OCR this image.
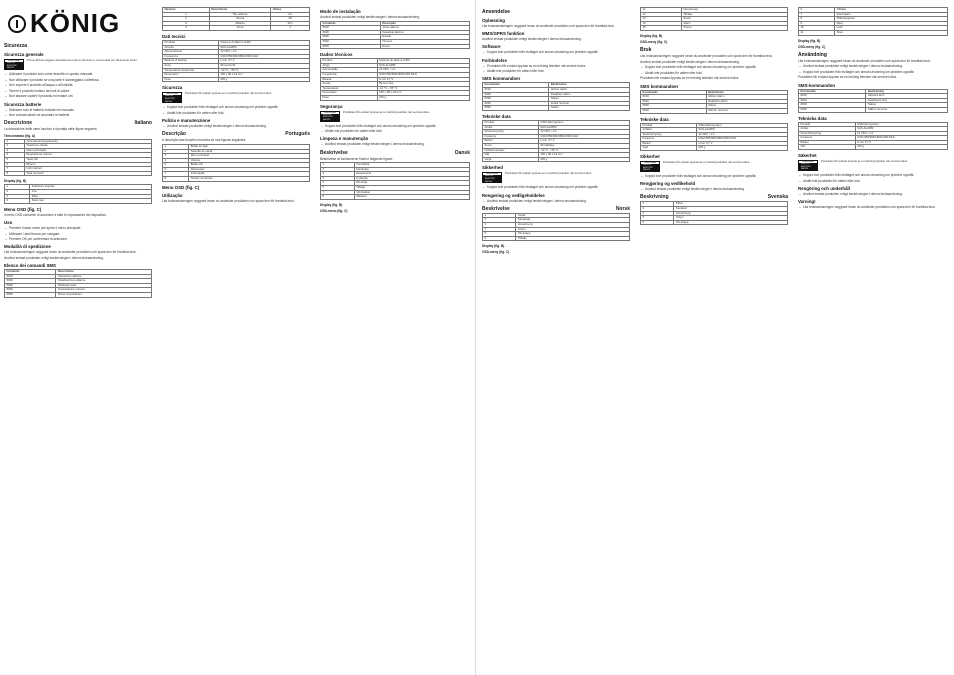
KÖNIG
Sicurezza
Sicurezza generale
CAUTION
RISK OF ELECTRIC SHOCK
Prima dell'uso leggere attentamente tutte le istruzioni e conservarle per riferimento futuro.
– Utilizzare il prodotto solo come descritto in questo manuale.
– Non utilizzare il prodotto se una parte è danneggiata o difettosa.
– Non esporre il prodotto all'acqua o all'umidità.
– Tenere il prodotto lontano da fonti di calore.
– Non lasciare cadere il prodotto ed evitare urti.
Sicurezza batterie
– Utilizzare solo le batterie indicate nel manuale.
– Non cortocircuitare né smontare le batterie.
Descrizione	Italiano
La descrizione delle varie funzioni è riportata nelle figure seguenti.
Telecomando (fig. A)
1	Accensione/spegnimento
2	Selezione canale
3	Menu principale
4	Regolazione volume
5	Tasto OK
6	Ritorno
7	Informazioni
8	Tasti numerici
Display (fig. B)
1	Indicatore segnale
2	Ora
3	Data
4	Stato rete
Menu OSD (fig. C)
Il menu OSD consente di accedere a tutte le impostazioni del dispositivo.
Uso
– Premere il tasto menu per aprire il menu principale.
– Utilizzare i tasti freccia per navigare.
– Premere OK per confermare la selezione.
Modalità di spedizione
Läs bruksanvisningen noggrant innan du använder produkten och spara den för framtida bruk.
Använd endast produkten enligt beskrivningen i denna bruksanvisning.
Elenco dei comandi SMS
Comando	Descrizione
#01#	Attivazione allarme
#02#	Disattivazione allarme
#03#	Richiesta stato
#04#	Impostazione numero
#05#	Reset impostazioni
Opzione	Descrizione	Valore
1	Tipo allarme	On
2	Sirena	Off
3	Ritardo	30 s
4	Zona	1
Dati tecnici
Prodotto	Sistema di allarme GSM
Articolo	SAS-ALARM
Alimentazione	12 VDC / 1 A
Frequenza	GSM 850/900/1800/1900 MHz
Batteria di backup	Li-ion 3,7 V
Zone	99 senza fili
Temperatura d'esercizio	-10 °C ~ 55 °C
Dimensioni	150 x 98 x 24 mm
Peso	220 g
Sicurezza
CAUTION
RISK OF ELECTRIC SHOCK
Produkten får endast öppnas av en behörig tekniker när service krävs.
– Koppla bort produkten från eluttaget och annan utrustning om problem uppstår.
– Utsätt inte produkten för vatten eller fukt.
Pulizia e manutenzione
– Använd endast produkten enligt beskrivningen i denna bruksanvisning.
Descrição	Português
A descrição das funções encontra-se nas figuras seguintes.
1	Botão de ligar
2	Seleção de canal
3	Menu principal
4	Volume
5	Botão OK
6	Retroceder
7	Informação
8	Teclas numéricas
Menu OSD (fig. C)
Utilização
Läs bruksanvisningen noggrant innan du använder produkten och spara den för framtida bruk.
Modo de instalação
Använd endast produkten enligt beskrivningen i denna bruksanvisning.
Comando	Descrição
#01#	Ativar alarme
#02#	Desativar alarme
#03#	Estado
#04#	Número
#05#	Repor
Dados técnicos
Produto	Sistema de alarme GSM
Artigo	SAS-ALARM
Alimentação	12 VDC / 1 A
Frequência	GSM 850/900/1800/1900 MHz
Bateria	Li-ion 3,7 V
Zonas	99 sem fios
Temperatura	-10 °C ~ 55 °C
Dimensões	150 x 98 x 24 mm
Peso	220 g
Segurança
CAUTION
RISK OF ELECTRIC SHOCK
Produkten får endast öppnas av en behörig tekniker när service krävs.
– Koppla bort produkten från eluttaget och annan utrustning om problem uppstår.
– Utsätt inte produkten för vatten eller fukt.
Limpeza e manutenção
– Använd endast produkten enligt beskrivningen i denna bruksanvisning.
Beskrivelse	Dansk
Beskrivelse af funktionerne findes i følgende figurer.
1	Tænd/sluk
2	Kanalvalg
3	Hovedmenu
4	Lydstyrke
5	OK-knap
6	Tilbage
7	Information
8	Taltaster
Display (fig. B)
OSD-menu (fig. C)
Anvendelse
Oplæsning
Läs bruksanvisningen noggrant innan du använder produkten och spara den för framtida bruk.
MMS/GPRS funktion
Använd endast produkten enligt beskrivningen i denna bruksanvisning.
Software
– Koppla bort produkten från eluttaget och annan utrustning om problem uppstår.
Forbindelse
– Produkten får endast öppnas av en behörig tekniker när service krävs.
– Utsätt inte produkten för vatten eller fukt.
SMS kommandoer
Kommando	Beskrivelse
#01#	Aktiver alarm
#02#	Deaktiver alarm
#03#	Status
#04#	Indstil nummer
#05#	Nulstil
Tekniske data
Produkt	GSM alarmsystem
Artikel	SAS-ALARM
Strømforsyning	12 VDC / 1 A
Frekvens	GSM 850/900/1800/1900 MHz
Batteri	Li-ion 3,7 V
Zoner	99 trådløse
Driftstemperatur	-10 °C ~ 55 °C
Mål	150 x 98 x 24 mm
Vægt	220 g
Sikkerhed
CAUTION
RISK OF ELECTRIC SHOCK
Produkten får endast öppnas av en behörig tekniker när service krävs.
– Koppla bort produkten från eluttaget och annan utrustning om problem uppstår.
Rengøring og vedligeholdelse
– Använd endast produkten enligt beskrivningen i denna bruksanvisning.
Beskrivelse	Norsk
1	Av/på
2	Kanalvalg
3	Hovedmeny
4	Volum
5	OK-knapp
6	Tilbake
Display (fig. B)
OSD-meny (fig. C)
11	Menyknapp
12	Tilbake
13	Strøm
14	Alarm
15	Sirene
Display (fig. B)
OSD-meny (fig. C)
Bruk
Läs bruksanvisningen noggrant innan du använder produkten och spara den för framtida bruk.
Använd endast produkten enligt beskrivningen i denna bruksanvisning.
– Koppla bort produkten från eluttaget och annan utrustning om problem uppstår.
– Utsätt inte produkten för vatten eller fukt.
Produkten får endast öppnas av en behörig tekniker när service krävs.
SMS kommandoer
Kommando	Beskrivelse
#01#	Aktiver alarm
#02#	Deaktiver alarm
#03#	Status
#04#	Still inn nummer
Tekniske data
Produkt	GSM-alarmsystem
Artikkel	SAS-ALARM
Strømforsyning	12 VDC / 1 A
Frekvens	GSM 850/900/1800/1900 MHz
Batteri	Li-ion 3,7 V
Vekt	220 g
Sikkerhet
CAUTION
RISK OF ELECTRIC SHOCK
Produkten får endast öppnas av en behörig tekniker när service krävs.
– Koppla bort produkten från eluttaget och annan utrustning om problem uppstår.
Rengjøring og vedlikehold
– Använd endast produkten enligt beskrivningen i denna bruksanvisning.
Beskrivning	Svenska
1	På/av
2	Kanalval
3	Huvudmeny
4	Volym
5	OK-knapp
6	Tillbaka
7	Information
8	Siffertangenter
9	Meny
10	Larm
11	Siren
Display (fig. B)
OSD-meny (fig. C)
Användning
Läs bruksanvisningen noggrant innan du använder produkten och spara den för framtida bruk.
– Använd endast produkten enligt beskrivningen i denna bruksanvisning.
– Koppla bort produkten från eluttaget och annan utrustning om problem uppstår.
Produkten får endast öppnas av en behörig tekniker när service krävs.
SMS-kommandon
Kommando	Beskrivning
#01#	Aktivera larm
#02#	Avaktivera larm
#03#	Status
#04#	Ställ in nummer
Tekniska data
Produkt	GSM-larmsystem
Artikel	SAS-ALARM
Strömförsörjning	12 VDC / 1 A
Frekvens	GSM 850/900/1800/1900 MHz
Batteri	Li-ion 3,7 V
Vikt	220 g
Säkerhet
CAUTION
RISK OF ELECTRIC SHOCK
Produkten får endast öppnas av en behörig tekniker när service krävs.
– Koppla bort produkten från eluttaget och annan utrustning om problem uppstår.
– Utsätt inte produkten för vatten eller fukt.
Rengöring och underhåll
– Använd endast produkten enligt beskrivningen i denna bruksanvisning.
Varning!
– Läs bruksanvisningen noggrant innan du använder produkten och spara den för framtida bruk.
